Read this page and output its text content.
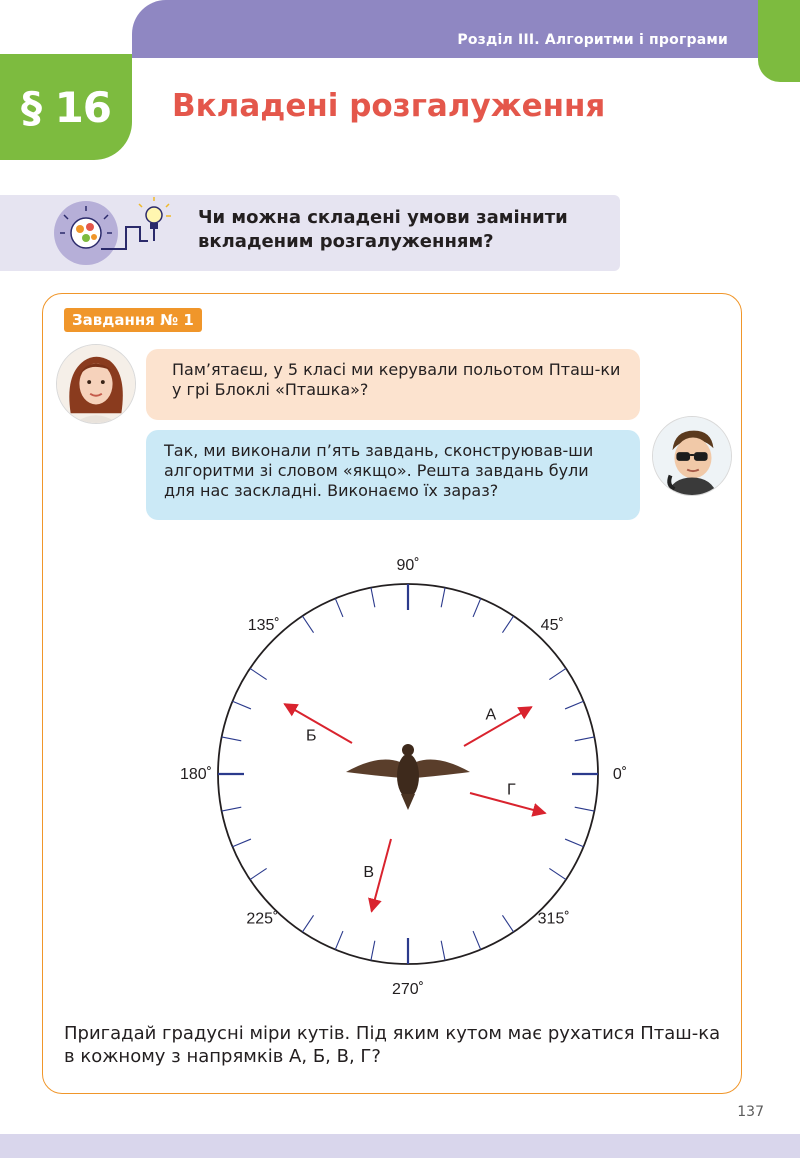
Розділ III. Алгоритми і програми
§ 16 Вкладені розгалуження

Чи можна складені умови замінити вкладеним розгалуженням?

Завдання № 1
Пам’ятаєш, у 5 класі ми керували польотом Пташ-ки у грі Блоклі «Пташка»?
Так, ми виконали п’ять завдань, сконструював-ши алгоритми зі словом «якщо». Решта завдань були для нас заскладні. Виконаємо їх зараз?
0˚
45˚
90˚
135˚
180˚
225˚
270˚
315˚
А
Б
В
Г

Пригадай градусні міри кутів. Під яким кутом має рухатися Пташ-ка в кожному з напрямків А, Б, В, Г?

137
